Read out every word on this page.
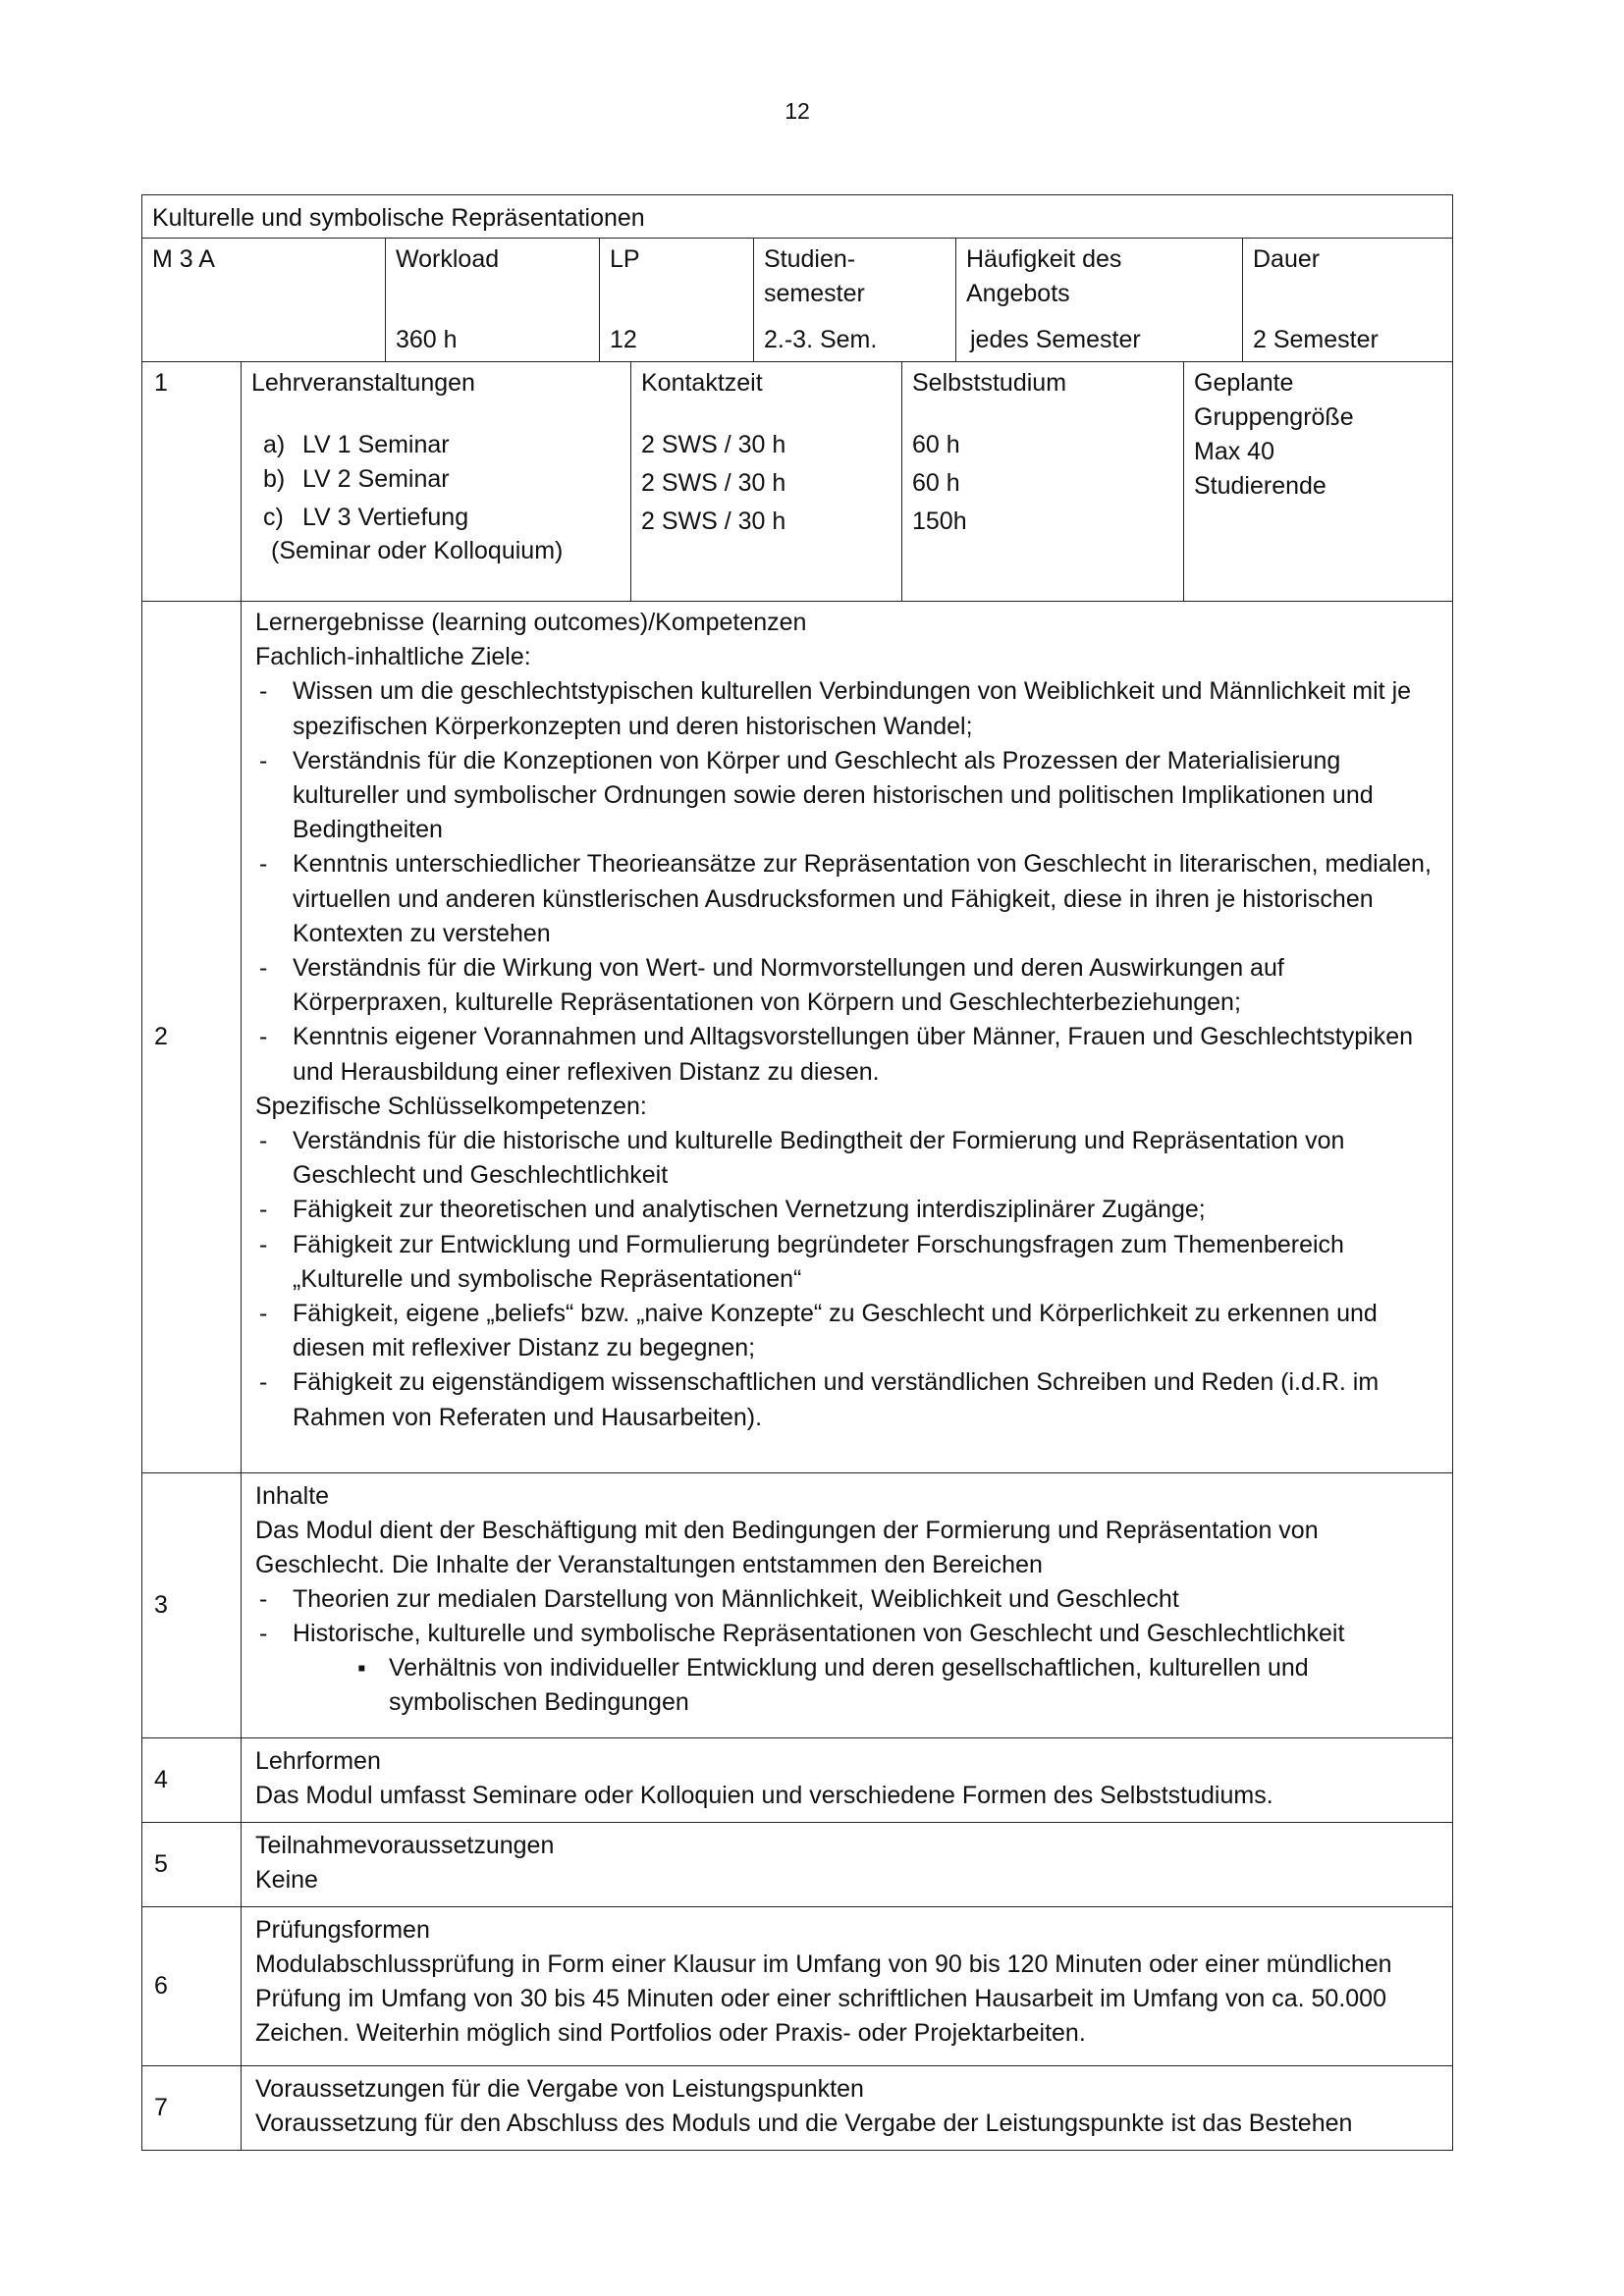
12
Kulturelle und symbolische Repräsentationen
M 3 A	Workload
360 h
LP
12
Studien-
semester
2.-3. Sem.
Häufigkeit des
Angebots
jedes Semester
Dauer
2 Semester
1	Lehrveranstaltungen
a) LV 1 Seminar
b) LV 2 Seminar
c) LV 3 Vertiefung
(Seminar oder Kolloquium)
Kontaktzeit
2 SWS / 30 h
2 SWS / 30 h
2 SWS / 30 h
Selbststudium
60 h
60 h
150h
Geplante
Gruppengröße
Max 40
Studierende
2
Lernergebnisse (learning outcomes)/Kompetenzen
Fachlich-inhaltliche Ziele:
- Wissen um die geschlechtstypischen kulturellen Verbindungen von Weiblichkeit und Männlichkeit mit je spezifischen Körperkonzepten und deren historischen Wandel;
- Verständnis für die Konzeptionen von Körper und Geschlecht als Prozessen der Materialisierung kultureller und symbolischer Ordnungen sowie deren historischen und politischen Implikationen und Bedingtheiten
- Kenntnis unterschiedlicher Theorieansätze zur Repräsentation von Geschlecht in literarischen, medialen, virtuellen und anderen künstlerischen Ausdrucksformen und Fähigkeit, diese in ihren je historischen Kontexten zu verstehen
- Verständnis für die Wirkung von Wert- und Normvorstellungen und deren Auswirkungen auf Körperpraxen, kulturelle Repräsentationen von Körpern und Geschlechterbeziehungen;
- Kenntnis eigener Vorannahmen und Alltagsvorstellungen über Männer, Frauen und Geschlechtstypiken und Herausbildung einer reflexiven Distanz zu diesen.
Spezifische Schlüsselkompetenzen:
- Verständnis für die historische und kulturelle Bedingtheit der Formierung und Repräsentation von Geschlecht und Geschlechtlichkeit
- Fähigkeit zur theoretischen und analytischen Vernetzung interdisziplinärer Zugänge;
- Fähigkeit zur Entwicklung und Formulierung begründeter Forschungsfragen zum Themenbereich „Kulturelle und symbolische Repräsentationen“
- Fähigkeit, eigene „beliefs“ bzw. „naive Konzepte“ zu Geschlecht und Körperlichkeit zu erkennen und diesen mit reflexiver Distanz zu begegnen;
- Fähigkeit zu eigenständigem wissenschaftlichen und verständlichen Schreiben und Reden (i.d.R. im Rahmen von Referaten und Hausarbeiten).
3
Inhalte
Das Modul dient der Beschäftigung mit den Bedingungen der Formierung und Repräsentation von Geschlecht. Die Inhalte der Veranstaltungen entstammen den Bereichen
- Theorien zur medialen Darstellung von Männlichkeit, Weiblichkeit und Geschlecht
- Historische, kulturelle und symbolische Repräsentationen von Geschlecht und Geschlechtlichkeit
▪ Verhältnis von individueller Entwicklung und deren gesellschaftlichen, kulturellen und symbolischen Bedingungen
4
Lehrformen
Das Modul umfasst Seminare oder Kolloquien und verschiedene Formen des Selbststudiums.
5
Teilnahmevoraussetzungen
Keine
6
Prüfungsformen
Modulabschlussprüfung in Form einer Klausur im Umfang von 90 bis 120 Minuten oder einer mündlichen Prüfung im Umfang von 30 bis 45 Minuten oder einer schriftlichen Hausarbeit im Umfang von ca. 50.000 Zeichen. Weiterhin möglich sind Portfolios oder Praxis- oder Projektarbeiten.
7
Voraussetzungen für die Vergabe von Leistungspunkten
Voraussetzung für den Abschluss des Moduls und die Vergabe der Leistungspunkte ist das Bestehen
